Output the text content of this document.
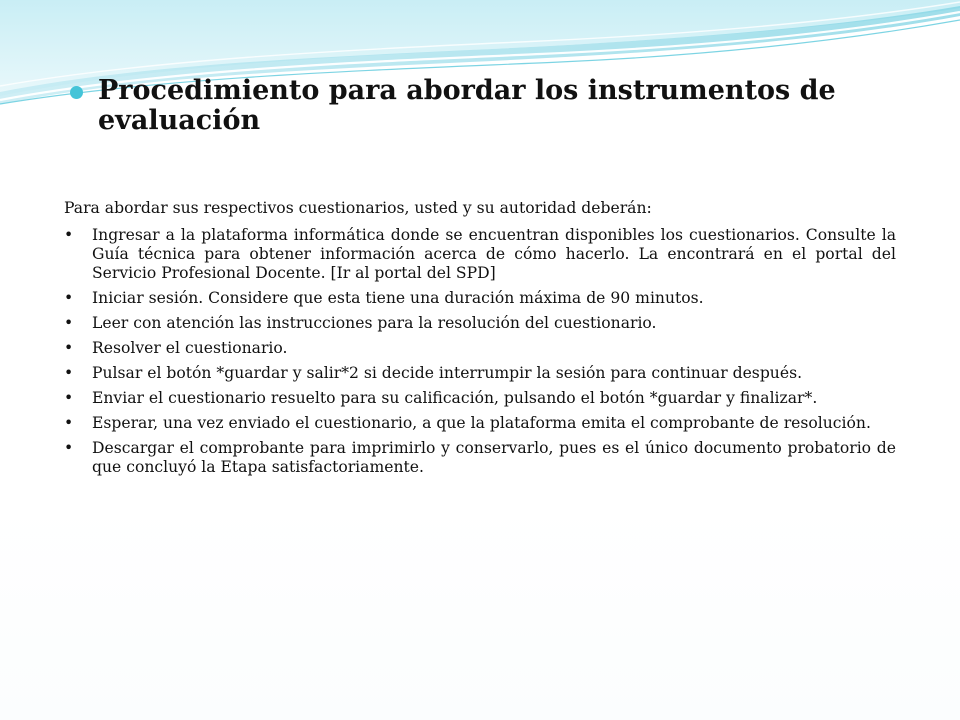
Procedimiento para abordar los instrumentos de evaluación

Para abordar sus respectivos cuestionarios, usted y su autoridad deberán:

• Ingresar a la plataforma informática donde se encuentran disponibles los cuestionarios. Consulte la Guía técnica para obtener información acerca de cómo hacerlo. La encontrará en el portal del Servicio Profesional Docente. [Ir al portal del SPD]

• Iniciar sesión. Considere que esta tiene una duración máxima de 90 minutos.

• Leer con atención las instrucciones para la resolución del cuestionario.

• Resolver el cuestionario.

• Pulsar el botón *guardar y salir*2 si decide interrumpir la sesión para continuar después.

• Enviar el cuestionario resuelto para su calificación, pulsando el botón *guardar y finalizar*.

• Esperar, una vez enviado el cuestionario, a que la plataforma emita el comprobante de resolución.

• Descargar el comprobante para imprimirlo y conservarlo, pues es el único documento probatorio de que concluyó la Etapa satisfactoriamente.
